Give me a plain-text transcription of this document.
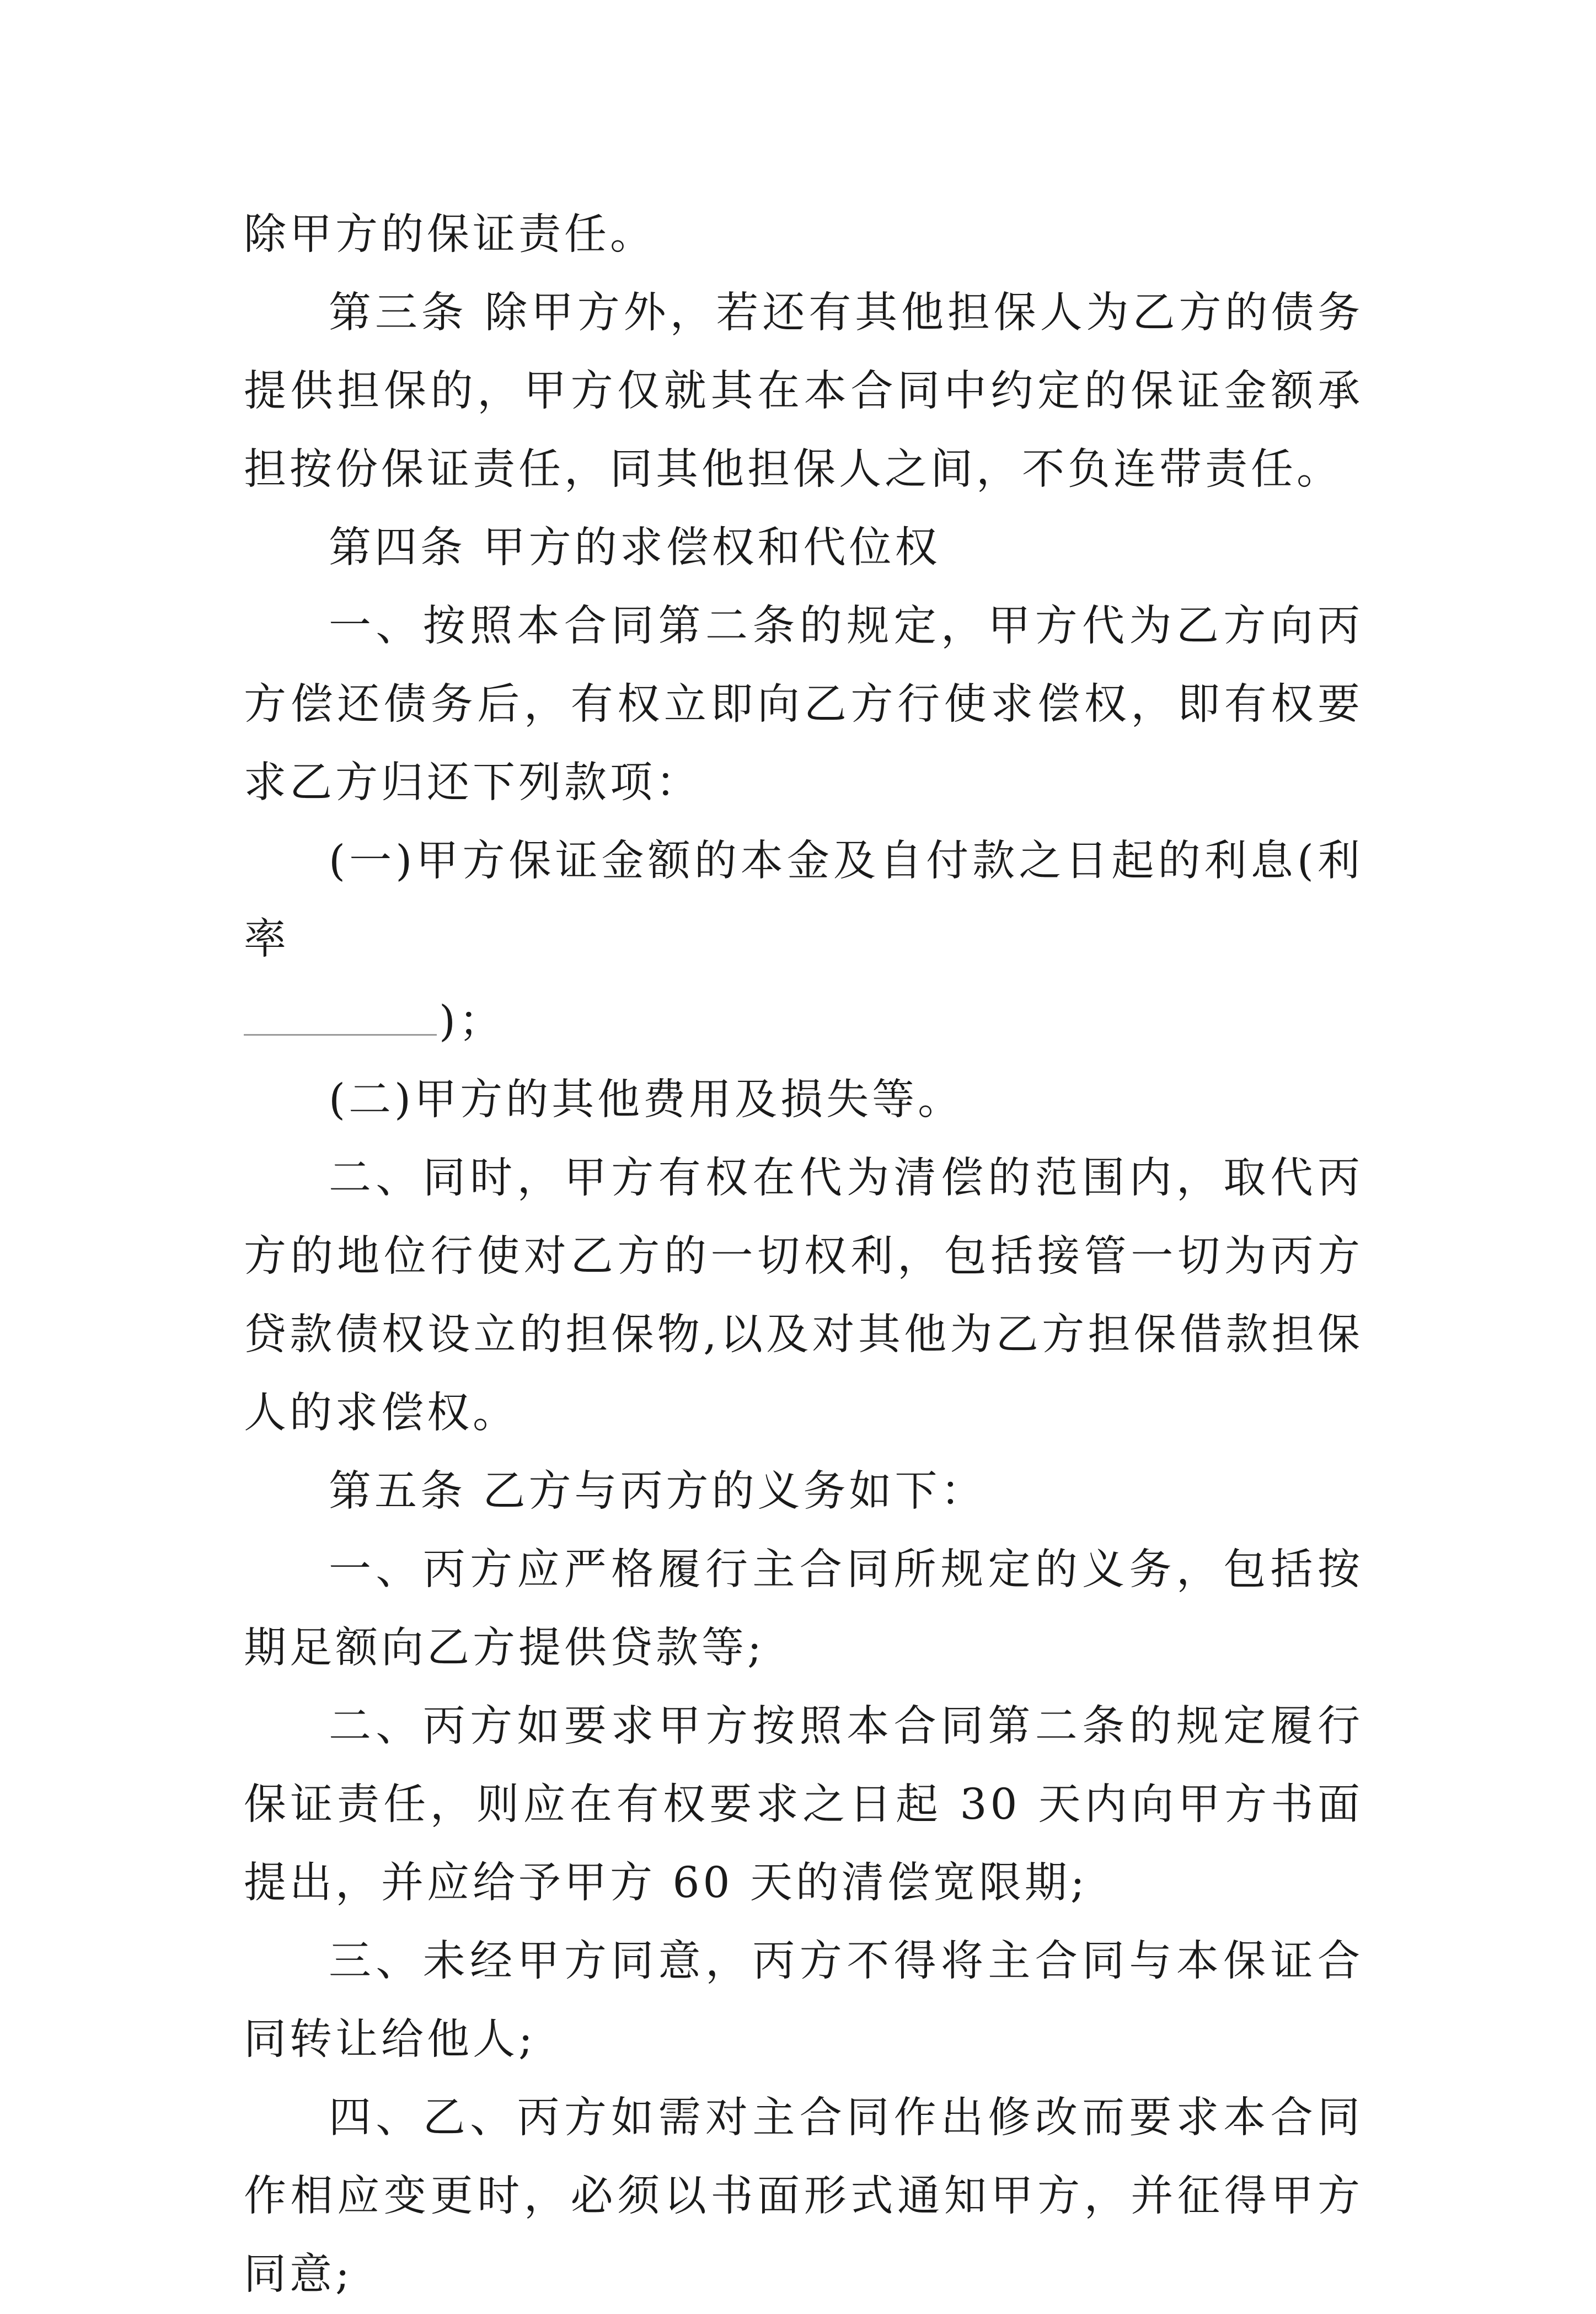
除甲方的保证责任。

第三条 除甲方外，若还有其他担保人为乙方的债务提供担保的，甲方仅就其在本合同中约定的保证金额承担按份保证责任，同其他担保人之间，不负连带责任。

第四条 甲方的求偿权和代位权

一、按照本合同第二条的规定，甲方代为乙方向丙方偿还债务后，有权立即向乙方行使求偿权，即有权要求乙方归还下列款项：

(一)甲方保证金额的本金及自付款之日起的利息(利率

)；

(二)甲方的其他费用及损失等。

二、同时，甲方有权在代为清偿的范围内，取代丙方的地位行使对乙方的一切权利，包括接管一切为丙方贷款债权设立的担保物,以及对其他为乙方担保借款担保人的求偿权。

第五条 乙方与丙方的义务如下：

一、丙方应严格履行主合同所规定的义务，包括按期足额向乙方提供贷款等;

二、丙方如要求甲方按照本合同第二条的规定履行保证责任，则应在有权要求之日起 30 天内向甲方书面提出，并应给予甲方 60 天的清偿宽限期;

三、未经甲方同意，丙方不得将主合同与本保证合同转让给他人;

四、乙、丙方如需对主合同作出修改而要求本合同作相应变更时，必须以书面形式通知甲方，并征得甲方同意;
